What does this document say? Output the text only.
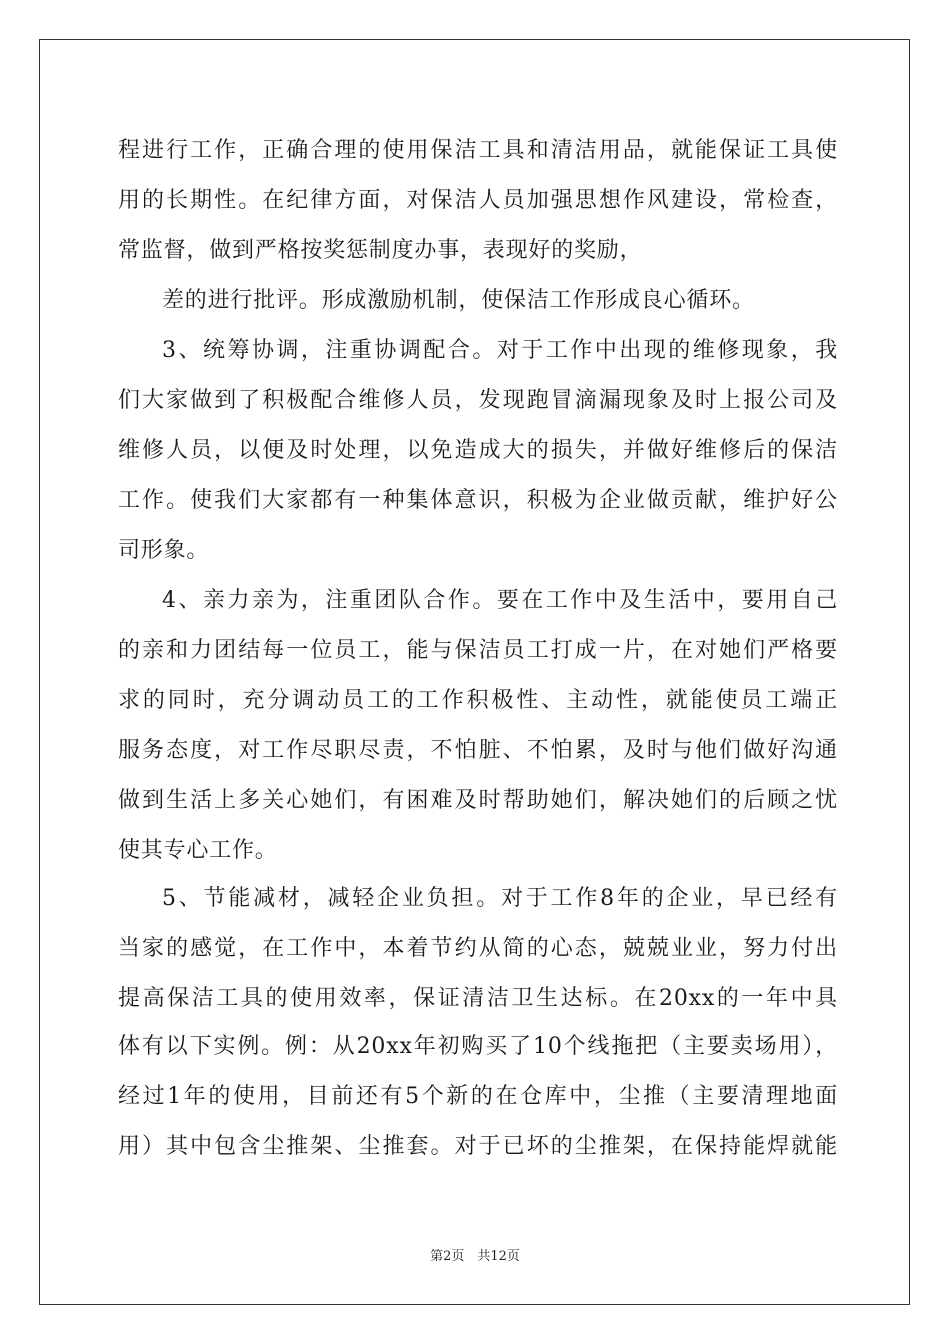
程进行工作，正确合理的使用保洁工具和清洁用品，就能保证工具使
用的长期性。在纪律方面，对保洁人员加强思想作风建设，常检查，
常监督，做到严格按奖惩制度办事，表现好的奖励，
差的进行批评。形成激励机制，使保洁工作形成良心循环。
3、统筹协调，注重协调配合。对于工作中出现的维修现象，我
们大家做到了积极配合维修人员，发现跑冒滴漏现象及时上报公司及
维修人员，以便及时处理，以免造成大的损失，并做好维修后的保洁
工作。使我们大家都有一种集体意识，积极为企业做贡献，维护好公
司形象。
4、亲力亲为，注重团队合作。要在工作中及生活中，要用自己
的亲和力团结每一位员工，能与保洁员工打成一片，在对她们严格要
求的同时，充分调动员工的工作积极性、主动性，就能使员工端正
服务态度，对工作尽职尽责，不怕脏、不怕累，及时与他们做好沟通
做到生活上多关心她们，有困难及时帮助她们，解决她们的后顾之忧
使其专心工作。
5、节能减材，减轻企业负担。对于工作8年的企业，早已经有
当家的感觉，在工作中，本着节约从简的心态，兢兢业业，努力付出
提高保洁工具的使用效率，保证清洁卫生达标。在20xx的一年中具
体有以下实例。例：从20xx年初购买了10个线拖把（主要卖场用），
经过1年的使用，目前还有5个新的在仓库中，尘推（主要清理地面
用）其中包含尘推架、尘推套。对于已坏的尘推架，在保持能焊就能
第2页　共12页
